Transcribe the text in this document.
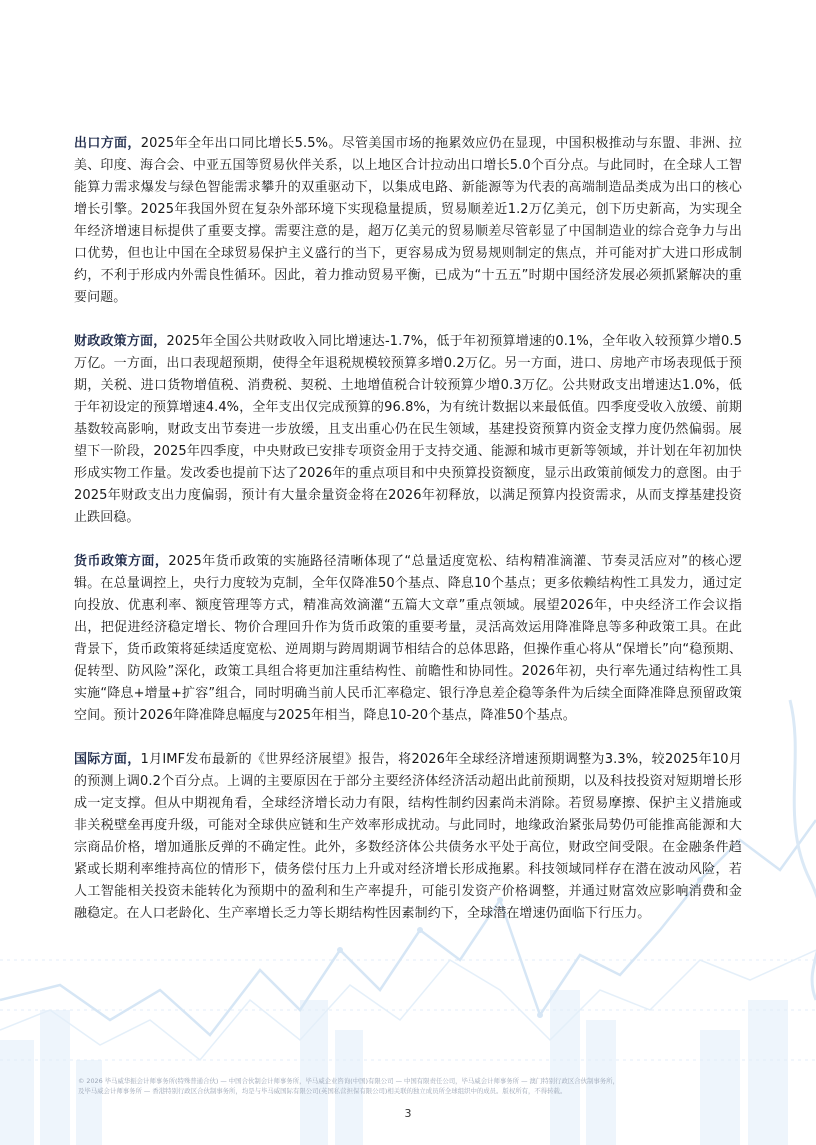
出口方面，2025年全年出口同比增长5.5%。尽管美国市场的拖累效应仍在显现，中国积极推动与东盟、非洲、拉美、印度、海合会、中亚五国等贸易伙伴关系，以上地区合计拉动出口增长5.0个百分点。与此同时，在全球人工智能算力需求爆发与绿色智能需求攀升的双重驱动下，以集成电路、新能源等为代表的高端制造品类成为出口的核心增长引擎。2025年我国外贸在复杂外部环境下实现稳量提质，贸易顺差近1.2万亿美元，创下历史新高，为实现全年经济增速目标提供了重要支撑。需要注意的是，超万亿美元的贸易顺差尽管彰显了中国制造业的综合竞争力与出口优势，但也让中国在全球贸易保护主义盛行的当下，更容易成为贸易规则制定的焦点，并可能对扩大进口形成制约，不利于形成内外需良性循环。因此，着力推动贸易平衡，已成为“十五五”时期中国经济发展必须抓紧解决的重要问题。

财政政策方面，2025年全国公共财政收入同比增速达-1.7%，低于年初预算增速的0.1%，全年收入较预算少增0.5万亿。一方面，出口表现超预期，使得全年退税规模较预算多增0.2万亿。另一方面，进口、房地产市场表现低于预期，关税、进口货物增值税、消费税、契税、土地增值税合计较预算少增0.3万亿。公共财政支出增速达1.0%，低于年初设定的预算增速4.4%，全年支出仅完成预算的96.8%，为有统计数据以来最低值。四季度受收入放缓、前期基数较高影响，财政支出节奏进一步放缓，且支出重心仍在民生领域，基建投资预算内资金支撑力度仍然偏弱。展望下一阶段，2025年四季度，中央财政已安排专项资金用于支持交通、能源和城市更新等领域，并计划在年初加快形成实物工作量。发改委也提前下达了2026年的重点项目和中央预算投资额度，显示出政策前倾发力的意图。由于2025年财政支出力度偏弱，预计有大量余量资金将在2026年初释放，以满足预算内投资需求，从而支撑基建投资止跌回稳。

货币政策方面，2025年货币政策的实施路径清晰体现了“总量适度宽松、结构精准滴灌、节奏灵活应对”的核心逻辑。在总量调控上，央行力度较为克制，全年仅降准50个基点、降息10个基点；更多依赖结构性工具发力，通过定向投放、优惠利率、额度管理等方式，精准高效滴灌“五篇大文章”重点领域。展望2026年，中央经济工作会议指出，把促进经济稳定增长、物价合理回升作为货币政策的重要考量，灵活高效运用降准降息等多种政策工具。在此背景下，货币政策将延续适度宽松、逆周期与跨周期调节相结合的总体思路，但操作重心将从“保增长”向“稳预期、促转型、防风险”深化，政策工具组合将更加注重结构性、前瞻性和协同性。2026年初，央行率先通过结构性工具实施“降息+增量+扩容”组合，同时明确当前人民币汇率稳定、银行净息差企稳等条件为后续全面降准降息预留政策空间。预计2026年降准降息幅度与2025年相当，降息10-20个基点，降准50个基点。

国际方面，1月IMF发布最新的《世界经济展望》报告，将2026年全球经济增速预期调整为3.3%，较2025年10月的预测上调0.2个百分点。上调的主要原因在于部分主要经济体经济活动超出此前预期，以及科技投资对短期增长形成一定支撑。但从中期视角看，全球经济增长动力有限，结构性制约因素尚未消除。若贸易摩擦、保护主义措施或非关税壁垒再度升级，可能对全球供应链和生产效率形成扰动。与此同时，地缘政治紧张局势仍可能推高能源和大宗商品价格，增加通胀反弹的不确定性。此外，多数经济体公共债务水平处于高位，财政空间受限。在金融条件趋紧或长期利率维持高位的情形下，债务偿付压力上升或对经济增长形成拖累。科技领域同样存在潜在波动风险，若人工智能相关投资未能转化为预期中的盈利和生产率提升，可能引发资产价格调整，并通过财富效应影响消费和金融稳定。在人口老龄化、生产率增长乏力等长期结构性因素制约下，全球潜在增速仍面临下行压力。

© 2026 毕马威华振会计师事务所(特殊普通合伙) — 中国合伙制会计师事务所，毕马威企业咨询(中国)有限公司 — 中国有限责任公司，毕马威会计师事务所 — 澳门特别行政区合伙制事务所，
及毕马威会计师事务所 — 香港特别行政区合伙制事务所，均是与毕马威国际有限公司(英国私营担保有限公司)相关联的独立成员所全球组织中的成员。版权所有，不得转载。
3
